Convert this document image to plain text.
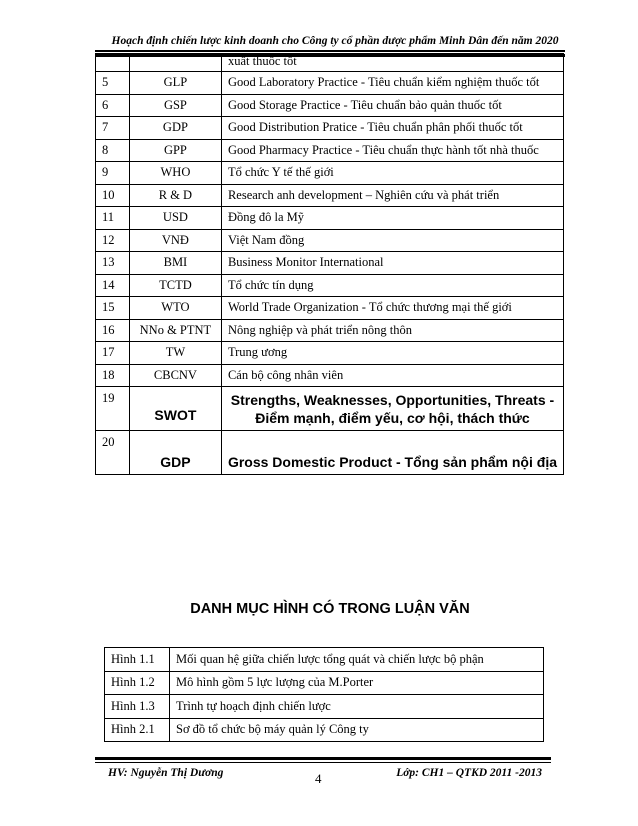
Hoạch định chiến lược kinh doanh cho Công ty cổ phần dược phẩm Minh Dân đến năm 2020
		xuất thuốc tốt
5	GLP	Good Laboratory Practice - Tiêu chuẩn kiểm nghiệm thuốc tốt
6	GSP	Good Storage Practice - Tiêu chuẩn bảo quản thuốc tốt
7	GDP	Good Distribution Pratice - Tiêu chuẩn phân phối thuốc tốt
8	GPP	Good Pharmacy Practice - Tiêu chuẩn thực hành tốt nhà thuốc
9	WHO	Tổ chức Y tế thế giới
10	R & D	Research anh development – Nghiên cứu và phát triển
11	USD	Đồng đô la Mỹ
12	VNĐ	Việt Nam đồng
13	BMI	Business Monitor International
14	TCTD	Tổ chức tín dụng
15	WTO	World Trade Organization - Tổ chức thương mại thế giới
16	NNo & PTNT	Nông nghiệp và phát triển nông thôn
17	TW	Trung ương
18	CBCNV	Cán bộ công nhân viên
19	SWOT	Strengths, Weaknesses, Opportunities, Threats -
Điểm mạnh, điểm yếu, cơ hội, thách thức

20	GDP	Gross Domestic Product - Tổng sản phẩm nội địa
DANH MỤC HÌNH CÓ TRONG LUẬN VĂN
Hình 1.1	Mối quan hệ giữa chiến lược tổng quát và chiến lược bộ phận
Hình 1.2	Mô hình gồm 5 lực lượng của M.Porter
Hình 1.3	Trình tự hoạch định chiến lược
Hình 2.1	Sơ đồ tổ chức bộ máy quản lý Công ty
HV: Nguyễn Thị Dương	4	Lớp: CH1 – QTKD 2011 -2013
